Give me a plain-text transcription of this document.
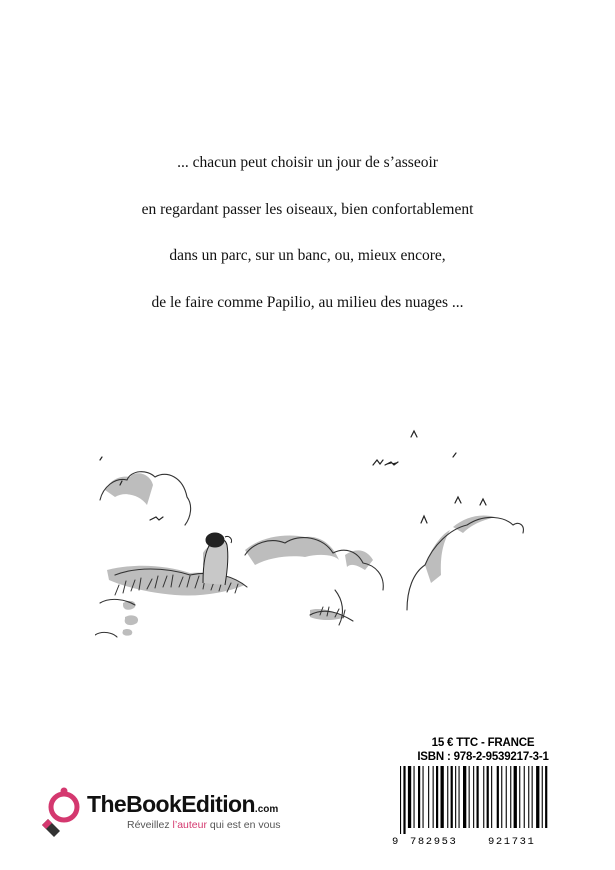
... chacun peut choisir un jour de s’asseoir
en regardant passer les oiseaux, bien confortablement
dans un parc, sur un banc, ou, mieux encore,
de le faire comme Papilio, au milieu des nuages ...
15 € TTC - FRANCE
ISBN : 978-2-9539217-3-1
9 782953	921731
TheBookEdition.com
Réveillez l’auteur qui est en vous
